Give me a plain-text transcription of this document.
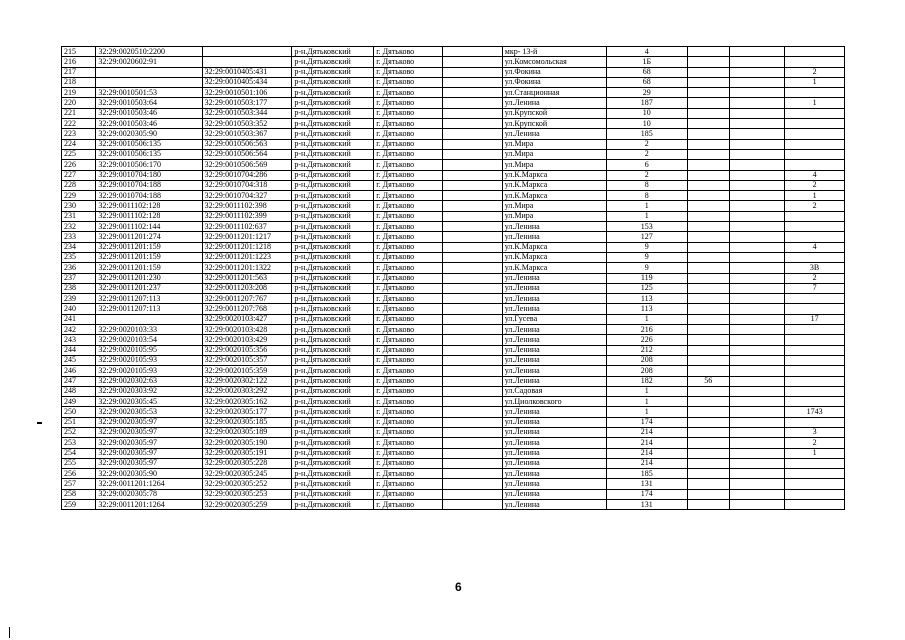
215	32:29:0020510:2200		р-н.Дятьковский	г. Дятьково		мкр- 13-й	4			
216	32:29:0020602:91		р-н.Дятьковский	г. Дятьково		ул.Комсомольская	1Б			
217		32:29:0010405:431	р-н.Дятьковский	г. Дятьково		ул.Фокина	68			2
218		32:29:0010405:434	р-н.Дятьковский	г. Дятьково		ул.Фокина	68			1
219	32:29:0010501:53	32:29:0010501:106	р-н.Дятьковский	г. Дятьково		ул.Станционная	29			
220	32:29:0010503:64	32:29:0010503:177	р-н.Дятьковский	г. Дятьково		ул.Ленина	187			1
221	32:29:0010503:46	32:29:0010503:344	р-н.Дятьковский	г. Дятьково		ул.Крупской	10			
222	32:29:0010503:46	32:29:0010503:352	р-н.Дятьковский	г. Дятьково		ул.Крупской	10			
223	32:29:0020305:90	32:29:0010503:367	р-н.Дятьковский	г. Дятьково		ул.Ленина	185			
224	32:29:0010506:135	32:29:0010506:563	р-н.Дятьковский	г. Дятьково		ул.Мира	2			
225	32:29:0010506:135	32:29:0010506:564	р-н.Дятьковский	г. Дятьково		ул.Мира	2			
226	32:29:0010506:170	32:29:0010506:569	р-н.Дятьковский	г. Дятьково		ул.Мира	6			
227	32:29:0010704:180	32:29:0010704:286	р-н.Дятьковский	г. Дятьково		ул.К.Маркса	2			4
228	32:29:0010704:188	32:29:0010704:318	р-н.Дятьковский	г. Дятьково		ул.К.Маркса	8			2
229	32:29:0010704:188	32:29:0010704:327	р-н.Дятьковский	г. Дятьково		ул.К.Маркса	8			1
230	32:29:0011102:128	32:29:0011102:398	р-н.Дятьковский	г. Дятьково		ул.Мира	1			2
231	32:29:0011102:128	32:29:0011102:399	р-н.Дятьковский	г. Дятьково		ул.Мира	1			
232	32:29:0011102:144	32:29:0011102:637	р-н.Дятьковский	г. Дятьково		ул.Ленина	153			
233	32:29:0011201:274	32:29:0011201:1217	р-н.Дятьковский	г. Дятьково		ул.Ленина	127			
234	32:29:0011201:159	32:29:0011201:1218	р-н.Дятьковский	г. Дятьково		ул.К.Маркса	9			4
235	32:29:0011201:159	32:29:0011201:1223	р-н.Дятьковский	г. Дятьково		ул.К.Маркса	9			
236	32:29:0011201:159	32:29:0011201:1322	р-н.Дятьковский	г. Дятьково		ул.К.Маркса	9			3В
237	32:29:0011201:230	32:29:0011201:563	р-н.Дятьковский	г. Дятьково		ул.Ленина	119			2
238	32:29:0011201:237	32:29:0011203:208	р-н.Дятьковский	г. Дятьково		ул.Ленина	125			7
239	32:29:0011207:113	32:29:0011207:767	р-н.Дятьковский	г. Дятьково		ул.Ленина	113			
240	32:29:0011207:113	32:29:0011207:768	р-н.Дятьковский	г. Дятьково		ул.Ленина	113			
241		32:29:0020103:427	р-н.Дятьковский	г. Дятьково		ул.Гусева	1			17
242	32:29:0020103:33	32:29:0020103:428	р-н.Дятьковский	г. Дятьково		ул.Ленина	216			
243	32:29:0020103:54	32:29:0020103:429	р-н.Дятьковский	г. Дятьково		ул.Ленина	226			
244	32:29:0020105:95	32:29:0020105:356	р-н.Дятьковский	г. Дятьково		ул.Ленина	212			
245	32:29:0020105:93	32:29:0020105:357	р-н.Дятьковский	г. Дятьково		ул.Ленина	208			
246	32:29:0020105:93	32:29:0020105:359	р-н.Дятьковский	г. Дятьково		ул.Ленина	208			
247	32:29:0020302:63	32:29:0020302:122	р-н.Дятьковский	г. Дятьково		ул.Ленина	182	56		
248	32:29:0020303:92	32:29:0020303:292	р-н.Дятьковский	г. Дятьково		ул.Садовая	1			
249	32:29:0020305:45	32:29:0020305:162	р-н.Дятьковский	г. Дятьково		ул.Циолковского	1			
250	32:29:0020305:53	32:29:0020305:177	р-н.Дятьковский	г. Дятьково		ул.Ленина	1			1743
251	32:29:0020305:97	32:29:0020305:185	р-н.Дятьковский	г. Дятьково		ул.Ленина	174			
252	32:29:0020305:97	32:29:0020305:189	р-н.Дятьковский	г. Дятьково		ул.Ленина	214			3
253	32:29:0020305:97	32:29:0020305:190	р-н.Дятьковский	г. Дятьково		ул.Ленина	214			2
254	32:29:0020305:97	32:29:0020305:191	р-н.Дятьковский	г. Дятьково		ул.Ленина	214			1
255	32:29:0020305:97	32:29:0020305:228	р-н.Дятьковский	г. Дятьково		ул.Ленина	214			
256	32:29:0020305:90	32:29:0020305:245	р-н.Дятьковский	г. Дятьково		ул.Ленина	185			
257	32:29:0011201:1264	32:29:0020305:252	р-н.Дятьковский	г. Дятьково		ул.Ленина	131			
258	32:29:0020305:78	32:29:0020305:253	р-н.Дятьковский	г. Дятьково		ул.Ленина	174			
259	32:29:0011201:1264	32:29:0020305:259	р-н.Дятьковский	г. Дятьково		ул.Ленина	131			
6
